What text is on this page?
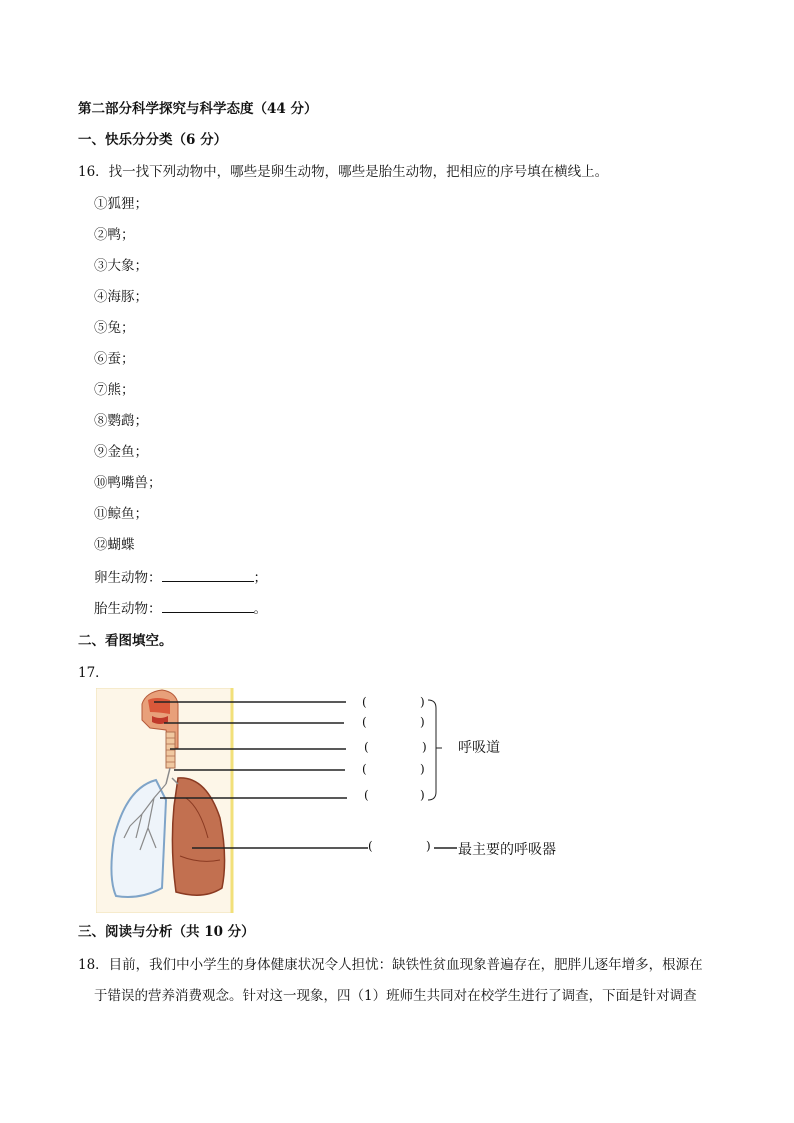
第二部分科学探究与科学态度（44 分）
一、快乐分分类（6 分）
16．找一找下列动物中，哪些是卵生动物，哪些是胎生动物，把相应的序号填在横线上。
①狐狸；
②鸭；
③大象；
④海豚；
⑤兔；
⑥蚕；
⑦熊；
⑧鹦鹉；
⑨金鱼；
⑩鸭嘴兽；
⑪鲸鱼；
⑫蝴蝶
卵生动物：	；
胎生动物：	。
二、看图填空。
17．
(	)
(	)
(	)
(	)
(	)
(	)
呼吸道
最主要的呼吸器
三、阅读与分析（共 10 分）
18．目前，我们中小学生的身体健康状况令人担忧：缺铁性贫血现象普遍存在，肥胖儿逐年增多，根源在
于错误的营养消费观念。针对这一现象，四（1）班师生共同对在校学生进行了调查，下面是针对调查
